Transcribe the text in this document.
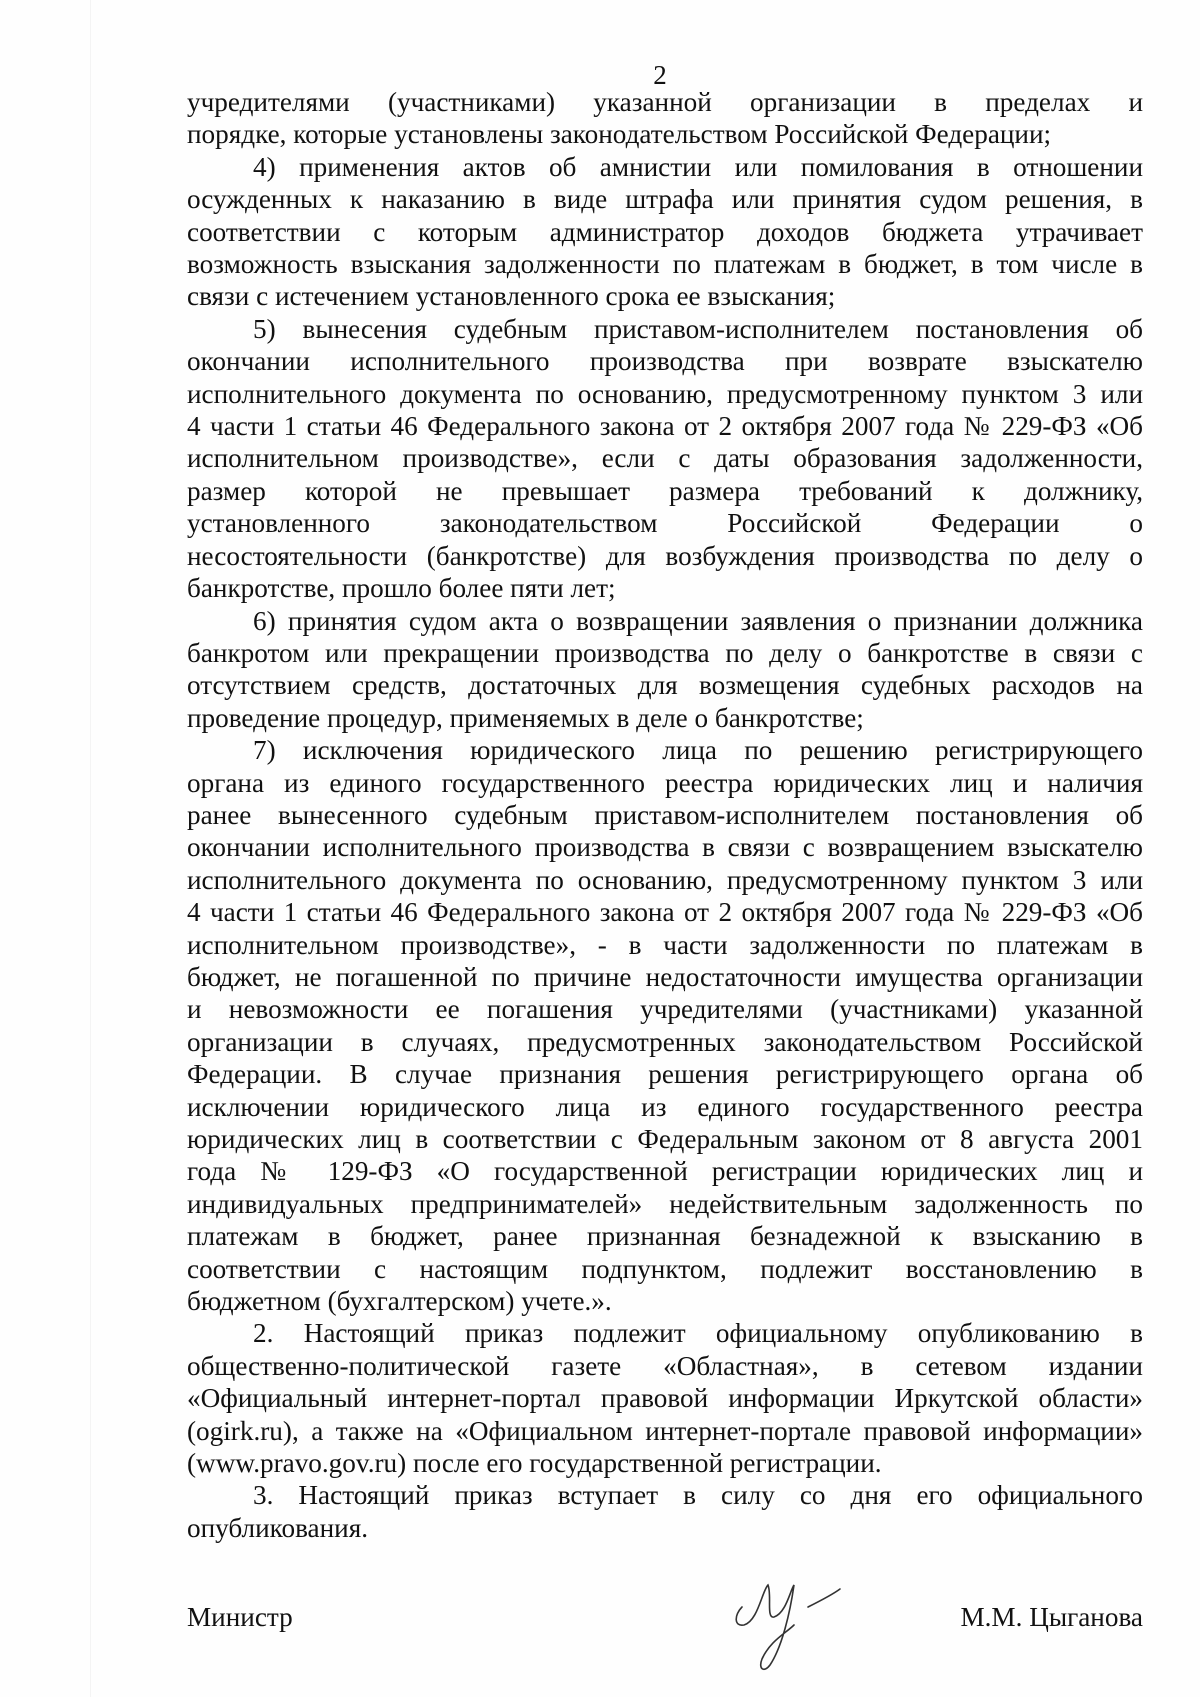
2

учредителями (участниками) указанной организации в пределах и

порядке, которые установлены законодательством Российской Федерации;

4) применения актов об амнистии или помилования в отношении

осужденных к наказанию в виде штрафа или принятия судом решения, в

соответствии с которым администратор доходов бюджета утрачивает

возможность взыскания задолженности по платежам в бюджет, в том числе в

связи с истечением установленного срока ее взыскания;

5) вынесения судебным приставом-исполнителем постановления об

окончании исполнительного производства при возврате взыскателю

исполнительного документа по основанию, предусмотренному пунктом 3 или

4 части 1 статьи 46 Федерального закона от 2 октября 2007 года № 229-ФЗ «Об

исполнительном производстве», если с даты образования задолженности,

размер которой не превышает размера требований к должнику,

установленного законодательством Российской Федерации о

несостоятельности (банкротстве) для возбуждения производства по делу о

банкротстве, прошло более пяти лет;

6) принятия судом акта о возвращении заявления о признании должника

банкротом или прекращении производства по делу о банкротстве в связи с

отсутствием средств, достаточных для возмещения судебных расходов на

проведение процедур, применяемых в деле о банкротстве;

7) исключения юридического лица по решению регистрирующего

органа из единого государственного реестра юридических лиц и наличия

ранее вынесенного судебным приставом-исполнителем постановления об

окончании исполнительного производства в связи с возвращением взыскателю

исполнительного документа по основанию, предусмотренному пунктом 3 или

4 части 1 статьи 46 Федерального закона от 2 октября 2007 года № 229-ФЗ «Об

исполнительном производстве», - в части задолженности по платежам в

бюджет, не погашенной по причине недостаточности имущества организации

и невозможности ее погашения учредителями (участниками) указанной

организации в случаях, предусмотренных законодательством Российской

Федерации. В случае признания решения регистрирующего органа об

исключении юридического лица из единого государственного реестра

юридических лиц в соответствии с Федеральным законом от 8 августа 2001

года № 129-ФЗ «О государственной регистрации юридических лиц и

индивидуальных предпринимателей» недействительным задолженность по

платежам в бюджет, ранее признанная безнадежной к взысканию в

соответствии с настоящим подпунктом, подлежит восстановлению в

бюджетном (бухгалтерском) учете.».

2. Настоящий приказ подлежит официальному опубликованию в

общественно-политической газете «Областная», в сетевом издании

«Официальный интернет-портал правовой информации Иркутской области»

(ogirk.ru), а также на «Официальном интернет-портале правовой информации»

(www.pravo.gov.ru) после его государственной регистрации.

3. Настоящий приказ вступает в силу со дня его официального

опубликования.

Министр	М.М. Цыганова
